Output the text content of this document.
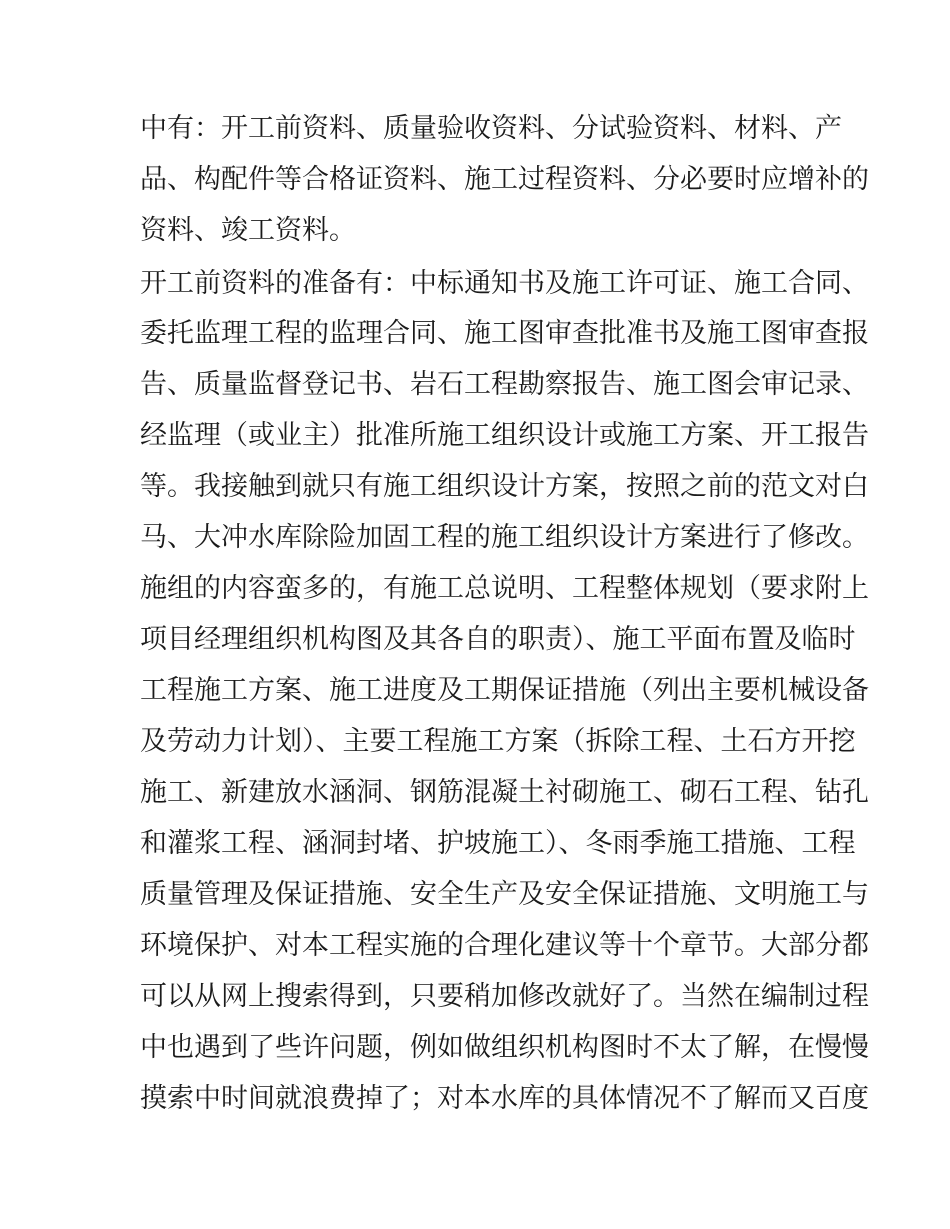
中有：开工前资料、质量验收资料、分试验资料、材料、产
品、构配件等合格证资料、施工过程资料、分必要时应增补的
资料、竣工资料。
开工前资料的准备有：中标通知书及施工许可证、施工合同、
委托监理工程的监理合同、施工图审查批准书及施工图审查报
告、质量监督登记书、岩石工程勘察报告、施工图会审记录、
经监理（或业主）批准所施工组织设计或施工方案、开工报告
等。我接触到就只有施工组织设计方案，按照之前的范文对白
马、大冲水库除险加固工程的施工组织设计方案进行了修改。
施组的内容蛮多的，有施工总说明、工程整体规划（要求附上
项目经理组织机构图及其各自的职责）、施工平面布置及临时
工程施工方案、施工进度及工期保证措施（列出主要机械设备
及劳动力计划）、主要工程施工方案（拆除工程、土石方开挖
施工、新建放水涵洞、钢筋混凝土衬砌施工、砌石工程、钻孔
和灌浆工程、涵洞封堵、护坡施工）、冬雨季施工措施、工程
质量管理及保证措施、安全生产及安全保证措施、文明施工与
环境保护、对本工程实施的合理化建议等十个章节。大部分都
可以从网上搜索得到，只要稍加修改就好了。当然在编制过程
中也遇到了些许问题，例如做组织机构图时不太了解，在慢慢
摸索中时间就浪费掉了；对本水库的具体情况不了解而又百度
